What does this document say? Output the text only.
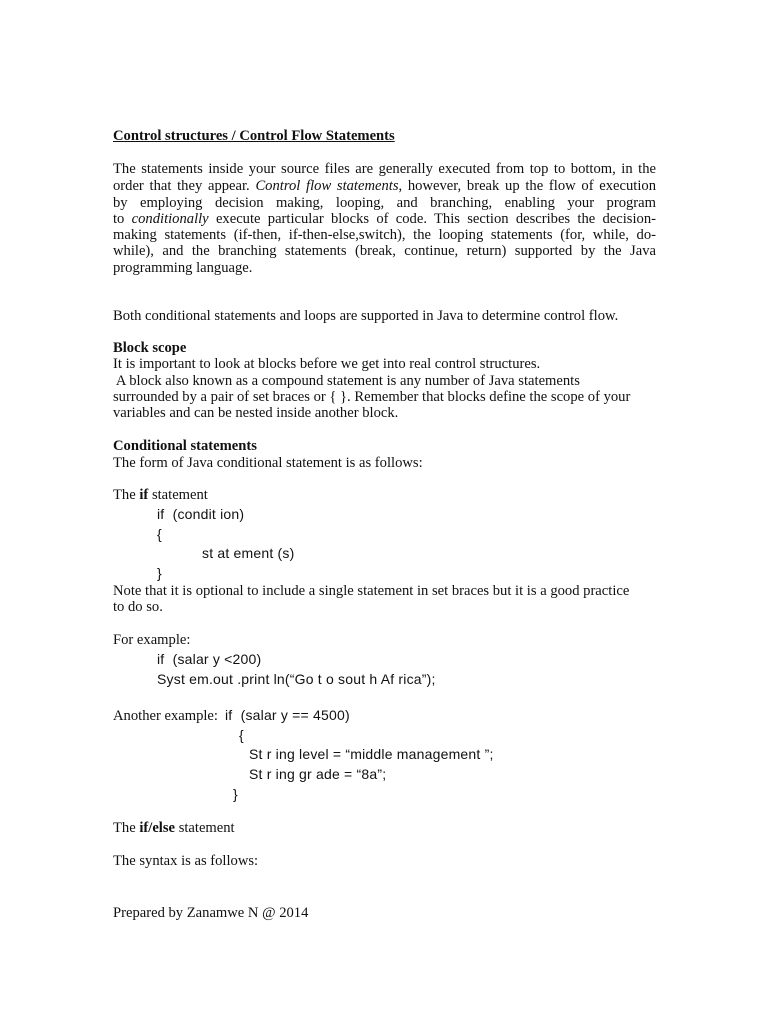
Control structures / Control Flow Statements
The statements inside your source files are generally executed from top to bottom, in the
order that they appear. Control flow statements, however, break up the flow of execution
by employing decision making, looping, and branching, enabling your program
to conditionally execute particular blocks of code. This section describes the decision-
making statements (if-then, if-then-else,switch), the looping statements (for, while, do-
while), and the branching statements (break, continue, return) supported by the Java
programming language.
Both conditional statements and loops are supported in Java to determine control flow.
Block scope
It is important to look at blocks before we get into real control structures.
A block also known as a compound statement is any number of Java statements
surrounded by a pair of set braces or { }. Remember that blocks define the scope of your
variables and can be nested inside another block.
Conditional statements
The form of Java conditional statement is as follows:
The if statement
if  (condit ion)
{
st at ement (s)
}
Note that it is optional to include a single statement in set braces but it is a good practice
to do so.
For example:
if  (salar y <200)
Syst em.out .print ln(“Go t o sout h Af rica”);
Another example: if  (salar y == 4500)
{
St r ing level = “middle management ”;
St r ing gr ade = “8a”;
}
The if/else statement
The syntax is as follows:
Prepared by Zanamwe N @ 2014
